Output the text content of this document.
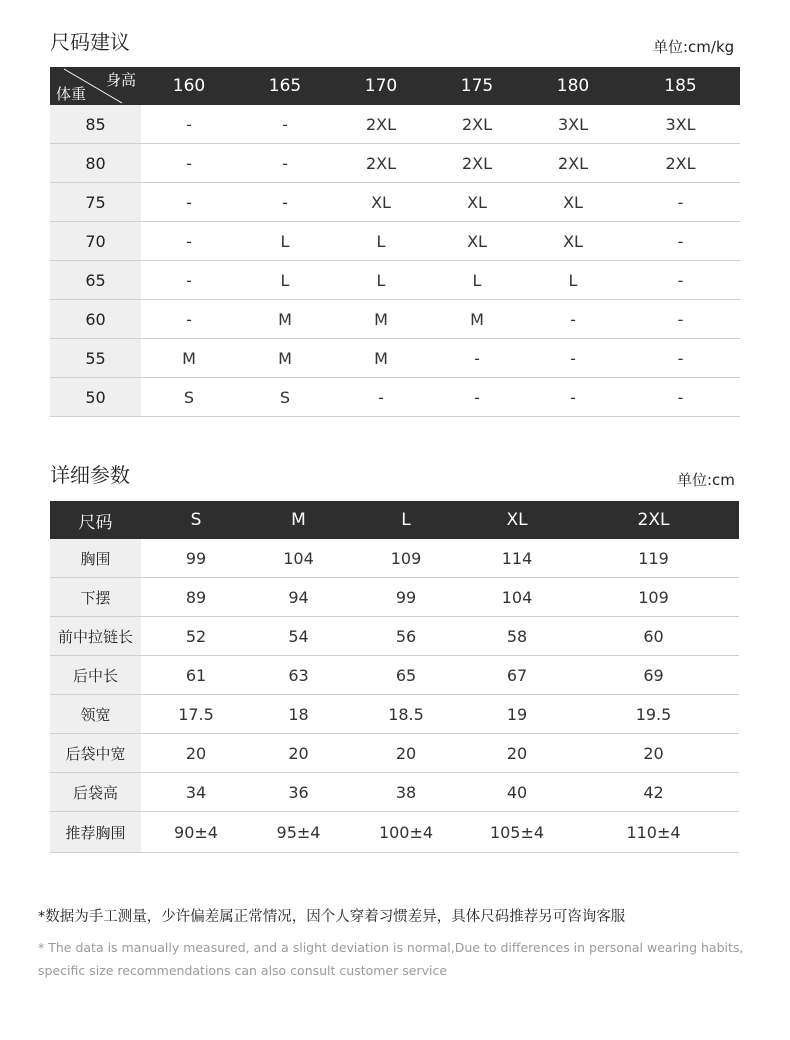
尺码建议	单位:cm/kg
身高
体重	160	165	170	175	180	185
85	-	-	2XL	2XL	3XL	3XL
80	-	-	2XL	2XL	2XL	2XL
75	-	-	XL	XL	XL	-
70	-	L	L	XL	XL	-
65	-	L	L	L	L	-
60	-	M	M	M	-	-
55	M	M	M	-	-	-
50	S	S	-	-	-	-
详细参数	单位:cm
尺码	S	M	L	XL	2XL
胸围	99	104	109	114	119
下摆	89	94	99	104	109
前中拉链长	52	54	56	58	60
后中长	61	63	65	67	69
领宽	17.5	18	18.5	19	19.5
后袋中宽	20	20	20	20	20
后袋高	34	36	38	40	42
推荐胸围	90±4	95±4	100±4	105±4	110±4
*数据为手工测量，少许偏差属正常情况，因个人穿着习惯差异，具体尺码推荐另可咨询客服
* The data is manually measured, and a slight deviation is normal,Due to differences in personal wearing habits, specific size recommendations can also consult customer service
